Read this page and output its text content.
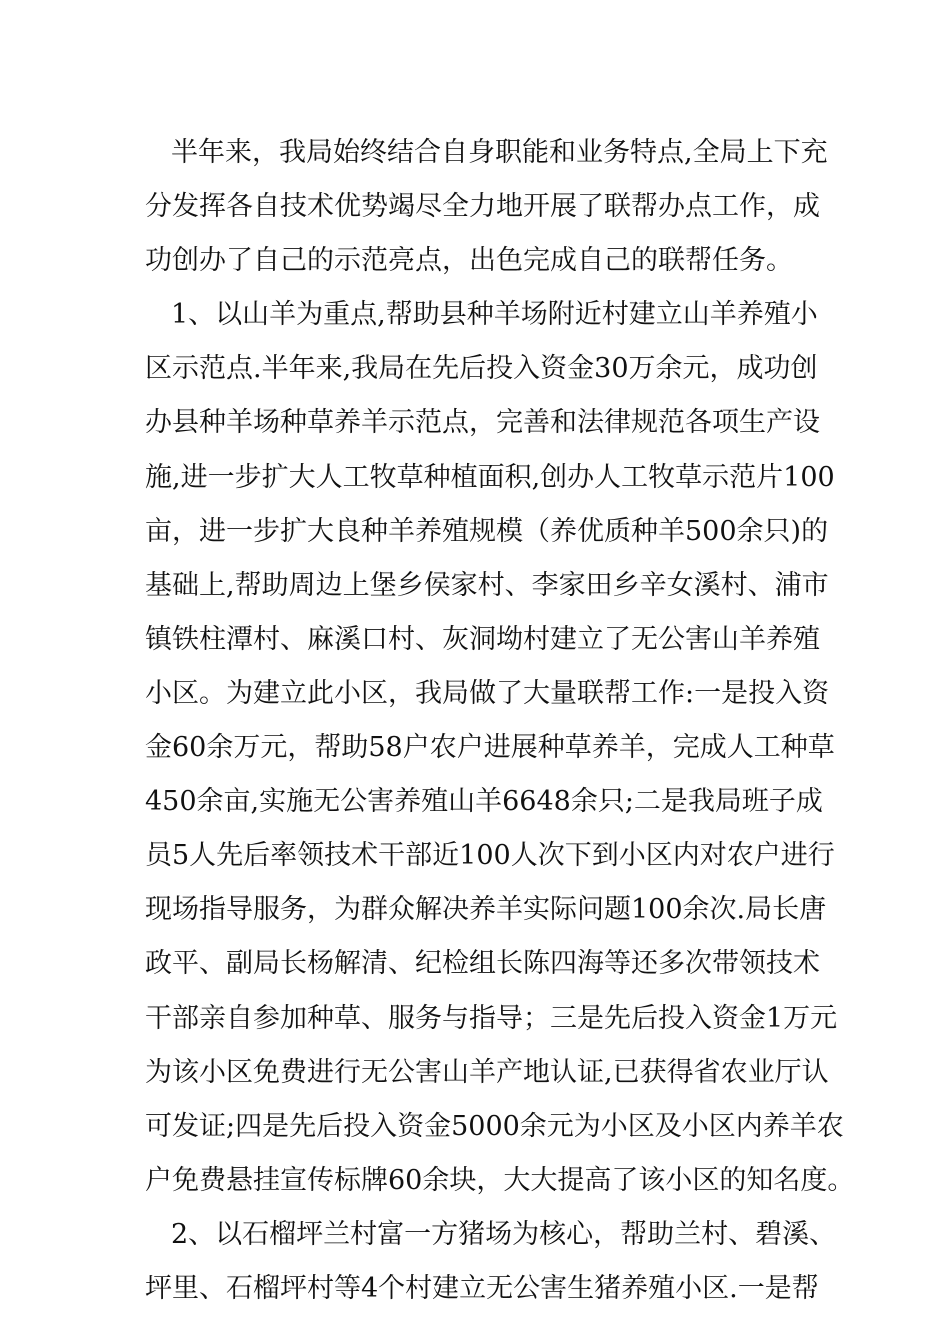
半年来，我局始终结合自身职能和业务特点,全局上下充
分发挥各自技术优势竭尽全力地开展了联帮办点工作，成
功创办了自己的示范亮点，出色完成自己的联帮任务。
1、以山羊为重点,帮助县种羊场附近村建立山羊养殖小
区示范点.半年来,我局在先后投入资金30万余元，成功创
办县种羊场种草养羊示范点，完善和法律规范各项生产设
施,进一步扩大人工牧草种植面积,创办人工牧草示范片100
亩，进一步扩大良种羊养殖规模（养优质种羊500余只)的
基础上,帮助周边上堡乡侯家村、李家田乡辛女溪村、浦市
镇铁柱潭村、麻溪口村、灰洞坳村建立了无公害山羊养殖
小区。为建立此小区，我局做了大量联帮工作:一是投入资
金60余万元，帮助58户农户进展种草养羊，完成人工种草
450余亩,实施无公害养殖山羊6648余只;二是我局班子成
员5人先后率领技术干部近100人次下到小区内对农户进行
现场指导服务，为群众解决养羊实际问题100余次.局长唐
政平、副局长杨解清、纪检组长陈四海等还多次带领技术
干部亲自参加种草、服务与指导；三是先后投入资金1万元
为该小区免费进行无公害山羊产地认证,已获得省农业厅认
可发证;四是先后投入资金5000余元为小区及小区内养羊农
户免费悬挂宣传标牌60余块，大大提高了该小区的知名度。
2、以石榴坪兰村富一方猪场为核心，帮助兰村、碧溪、
坪里、石榴坪村等4个村建立无公害生猪养殖小区.一是帮
